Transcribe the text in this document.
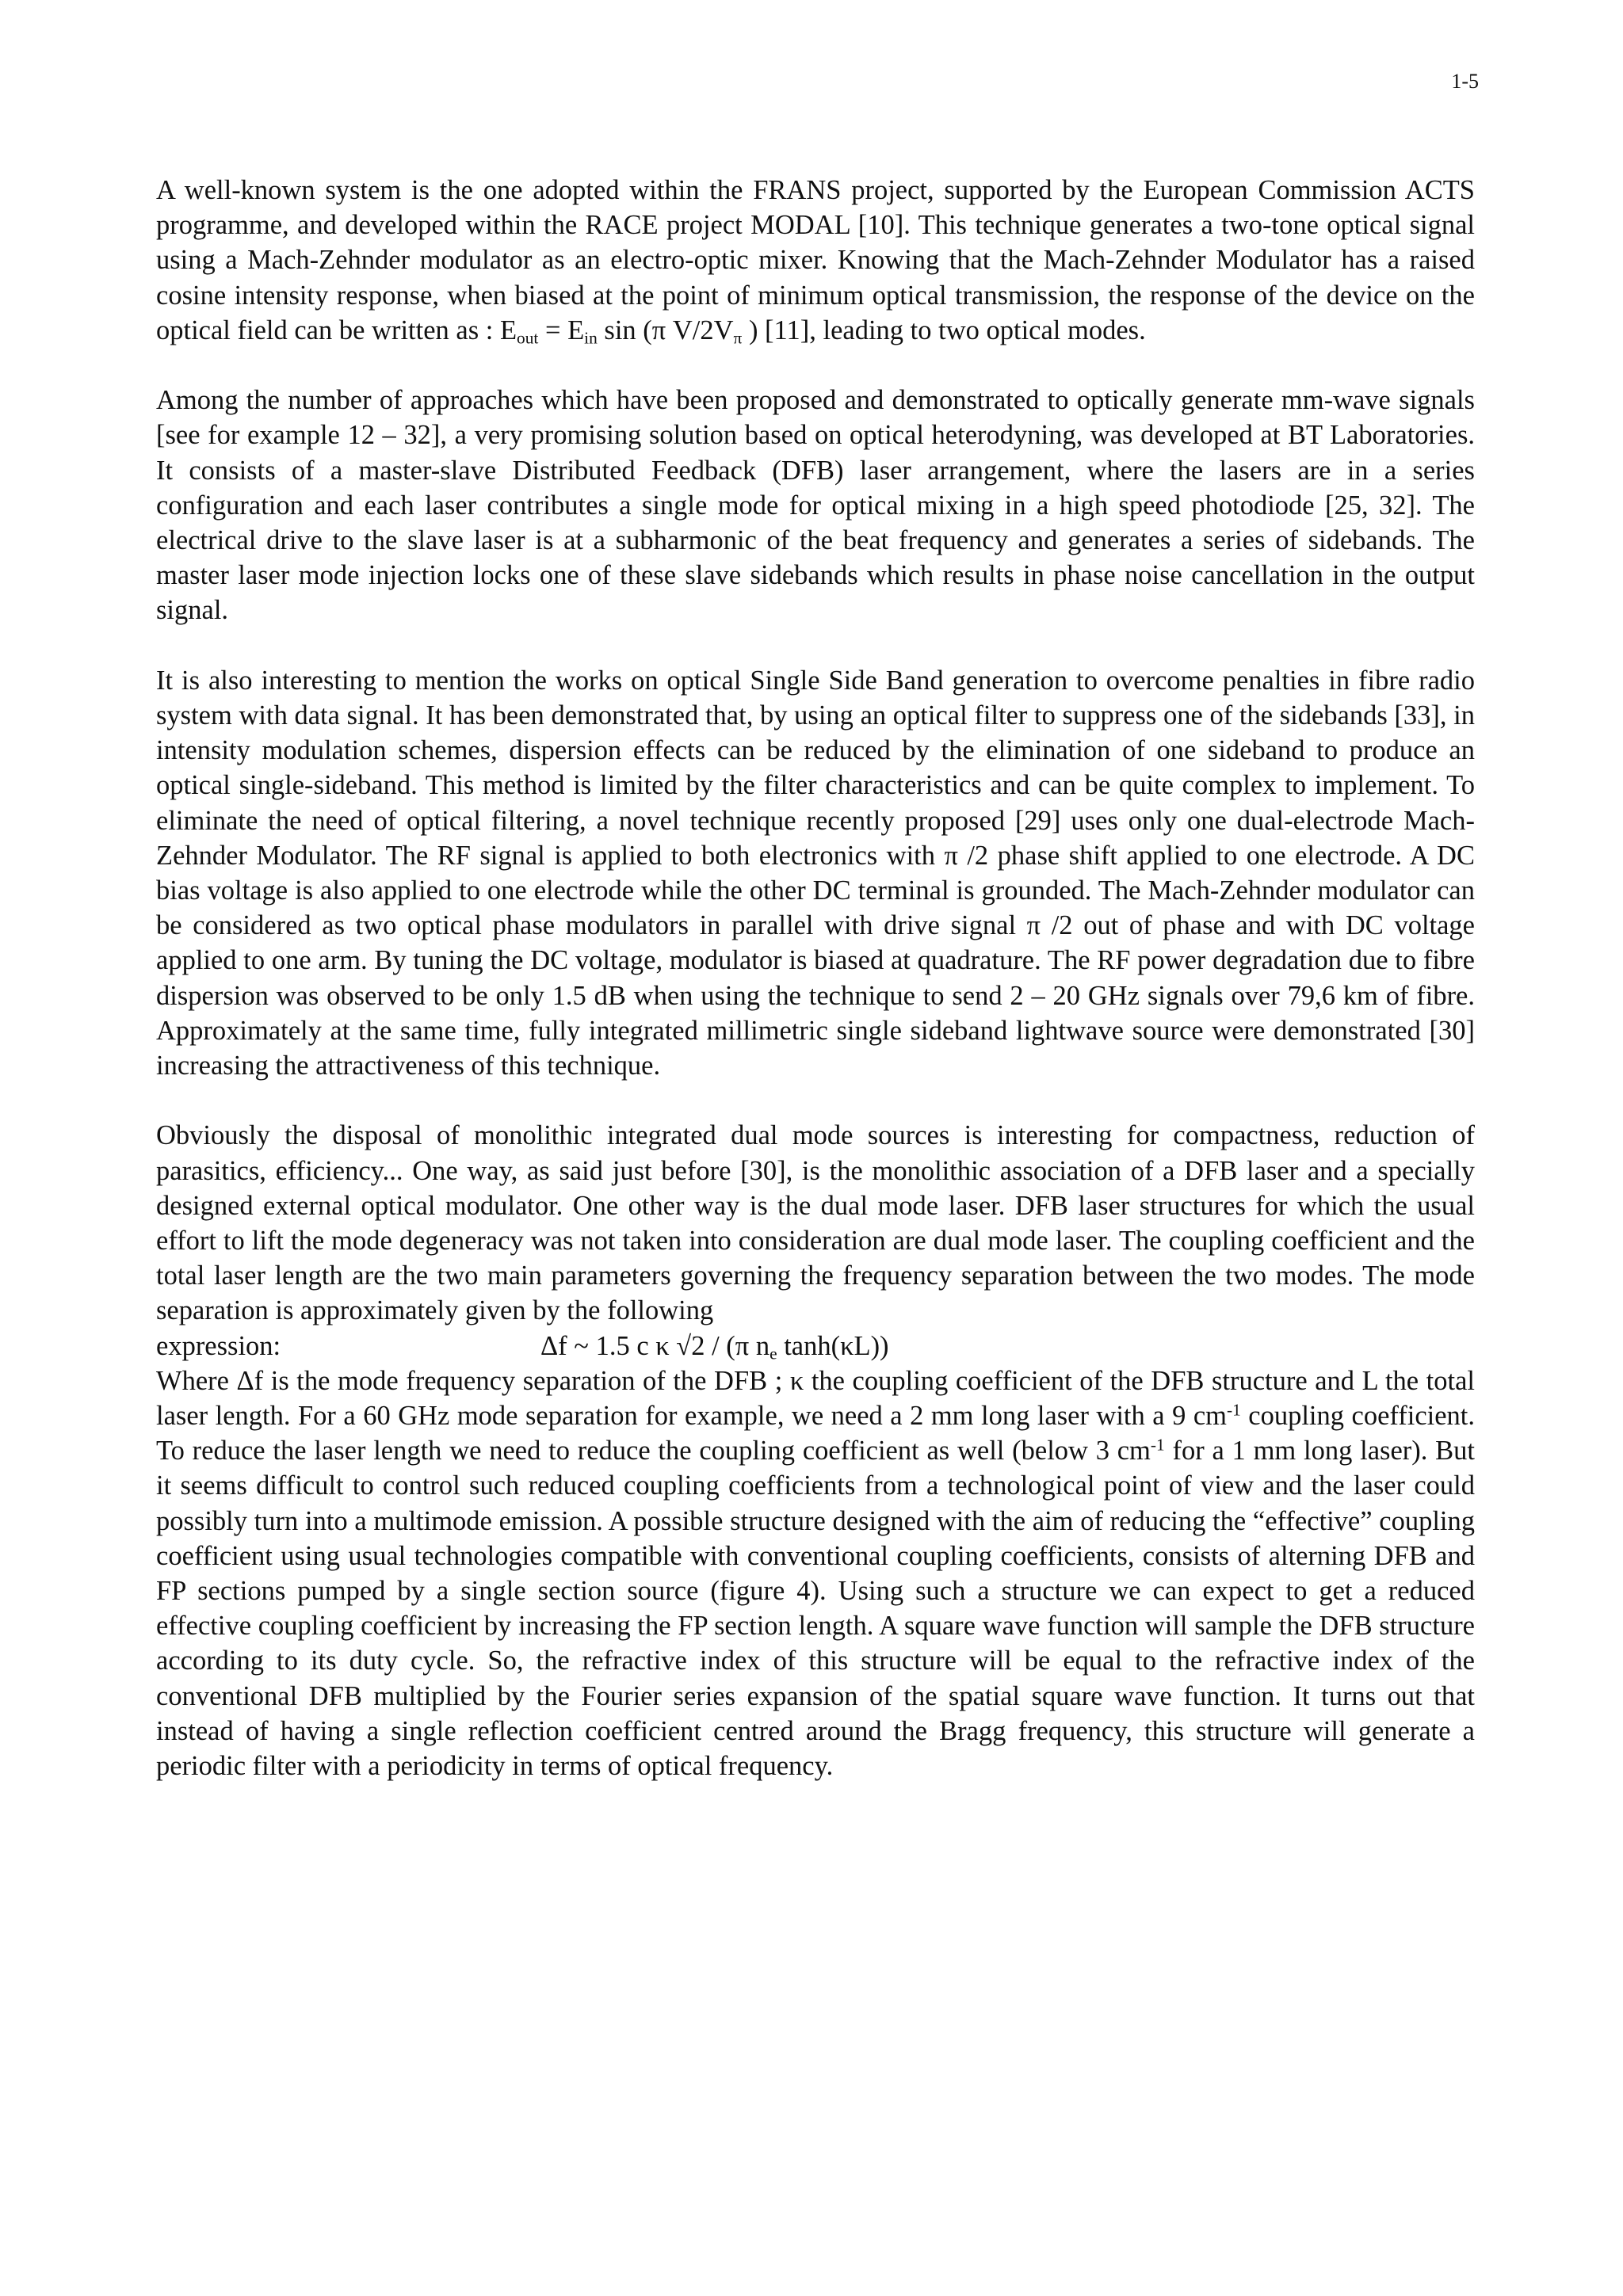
1-5

A well-known system is the one adopted within the FRANS project, supported by the European Commission ACTS programme, and developed within the RACE project MODAL [10]. This technique generates a two-tone optical signal using a Mach-Zehnder modulator as an electro-optic mixer. Knowing that the Mach-Zehnder Modulator has a raised cosine intensity response, when biased at the point of minimum optical transmission, the response of the device on the optical field can be written as : $E_{out} = E_{in}$ sin (π $V/2V_\pi$ ) [11], leading to two optical modes.

Among the number of approaches which have been proposed and demonstrated to optically generate mm-wave signals [see for example 12 – 32], a very promising solution based on optical heterodyning, was developed at BT Laboratories. It consists of a master-slave Distributed Feedback (DFB) laser arrangement, where the lasers are in a series configuration and each laser contributes a single mode for optical mixing in a high speed photodiode [25, 32]. The electrical drive to the slave laser is at a subharmonic of the beat frequency and generates a series of sidebands. The master laser mode injection locks one of these slave sidebands which results in phase noise cancellation in the output signal.

It is also interesting to mention the works on optical Single Side Band generation to overcome penalties in fibre radio system with data signal. It has been demonstrated that, by using an optical filter to suppress one of the sidebands [33], in intensity modulation schemes, dispersion effects can be reduced by the elimination of one sideband to produce an optical single-sideband. This method is limited by the filter characteristics and can be quite complex to implement. To eliminate the need of optical filtering, a novel technique recently proposed [29] uses only one dual-electrode Mach-Zehnder Modulator. The RF signal is applied to both electronics with π /2 phase shift applied to one electrode. A DC bias voltage is also applied to one electrode while the other DC terminal is grounded. The Mach-Zehnder modulator can be considered as two optical phase modulators in parallel with drive signal π /2 out of phase and with DC voltage applied to one arm. By tuning the DC voltage, modulator is biased at quadrature. The RF power degradation due to fibre dispersion was observed to be only 1.5 dB when using the technique to send 2 – 20 GHz signals over 79,6 km of fibre. Approximately at the same time, fully integrated millimetric single sideband lightwave source were demonstrated [30] increasing the attractiveness of this technique.

Obviously the disposal of monolithic integrated dual mode sources is interesting for compactness, reduction of parasitics, efficiency... One way, as said just before [30], is the monolithic association of a DFB laser and a specially designed external optical modulator. One other way is the dual mode laser. DFB laser structures for which the usual effort to lift the mode degeneracy was not taken into consideration are dual mode laser. The coupling coefficient and the total laser length are the two main parameters governing the frequency separation between the two modes. The mode separation is approximately given by the following

expression:	Δf ~ 1.5 c κ √2 / (π $n_e$ tanh(κL))

Where Δf is the mode frequency separation of the DFB ; κ the coupling coefficient of the DFB structure and L the total laser length. For a 60 GHz mode separation for example, we need a 2 mm long laser with a 9 $cm^{-1}$ coupling coefficient. To reduce the laser length we need to reduce the coupling coefficient as well (below 3 $cm^{-1}$ for a 1 mm long laser). But it seems difficult to control such reduced coupling coefficients from a technological point of view and the laser could possibly turn into a multimode emission. A possible structure designed with the aim of reducing the “effective” coupling coefficient using usual technologies compatible with conventional coupling coefficients, consists of alterning DFB and FP sections pumped by a single section source (figure 4). Using such a structure we can expect to get a reduced effective coupling coefficient by increasing the FP section length. A square wave function will sample the DFB structure according to its duty cycle. So, the refractive index of this structure will be equal to the refractive index of the conventional DFB multiplied by the Fourier series expansion of the spatial square wave function. It turns out that instead of having a single reflection coefficient centred around the Bragg frequency, this structure will generate a periodic filter with a periodicity in terms of optical frequency.
